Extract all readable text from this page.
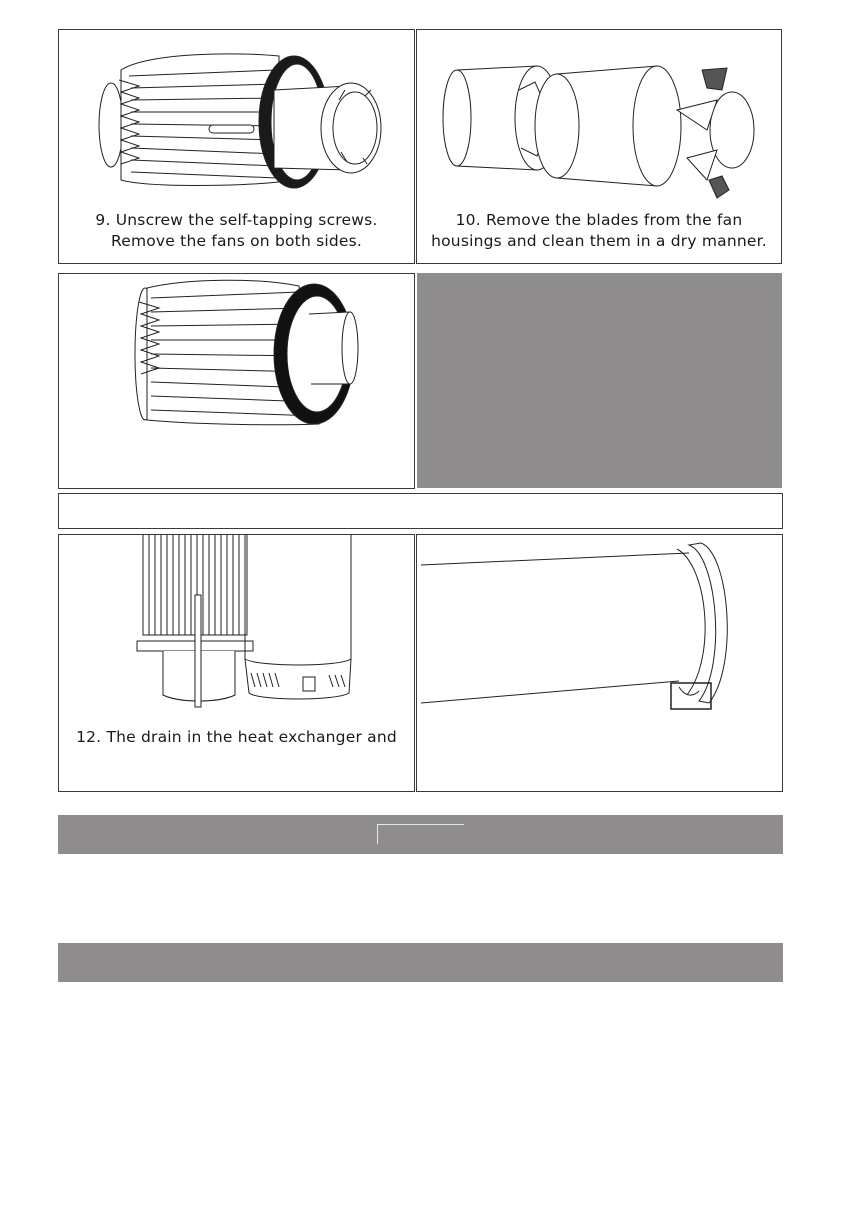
9. Unscrew the self-tapping screws.
Remove the fans on both sides.
10. Remove the blades from the fan
housings and clean them in a dry manner.
12. The drain in the heat exchanger and
